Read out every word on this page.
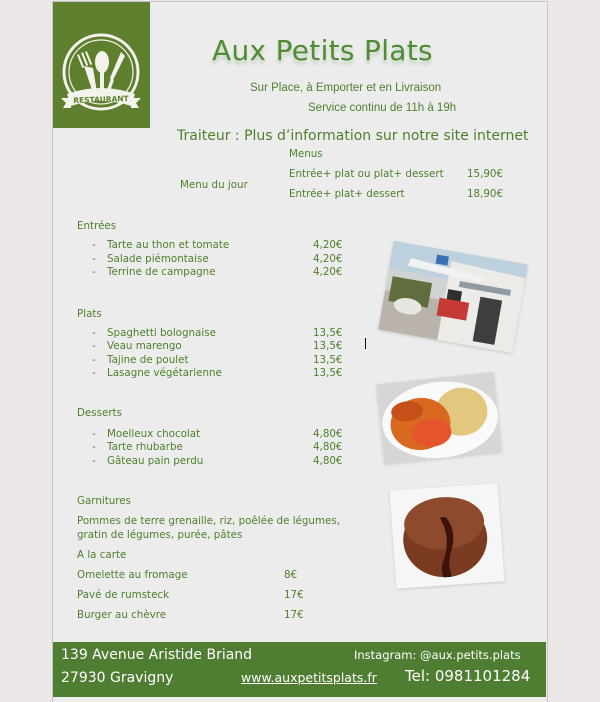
RESTAURANT
Aux Petits Plats
Sur Place, à Emporter et en Livraison
Service continu de 11h à 19h
Traiteur : Plus d’information sur notre site internet
Menus
Menu du jour
Entrée+ plat ou plat+ dessert 15,90€
Entrée+ plat+ dessert	18,90€
Entrées
- Tarte au thon et tomate	4,20€
- Salade piémontaise	4,20€
- Terrine de campagne	4,20€
Plats
- Spaghetti bolognaise	13,5€
- Veau marengo	13,5€
- Tajine de poulet	13,5€
- Lasagne végétarienne	13,5€
Desserts
- Moelleux chocolat	4,80€
- Tarte rhubarbe	4,80€
- Gâteau pain perdu	4,80€
Garnitures
Pommes de terre grenaille, riz, poêlée de légumes,
gratin de légumes, purée, pâtes
A la carte
Omelette au fromage	8€
Pavé de rumsteck	17€
Burger au chèvre	17€
139 Avenue Aristide Briand
27930 Gravigny
Instagram: @aux.petits.plats
www.auxpetitsplats.fr Tel: 0981101284
